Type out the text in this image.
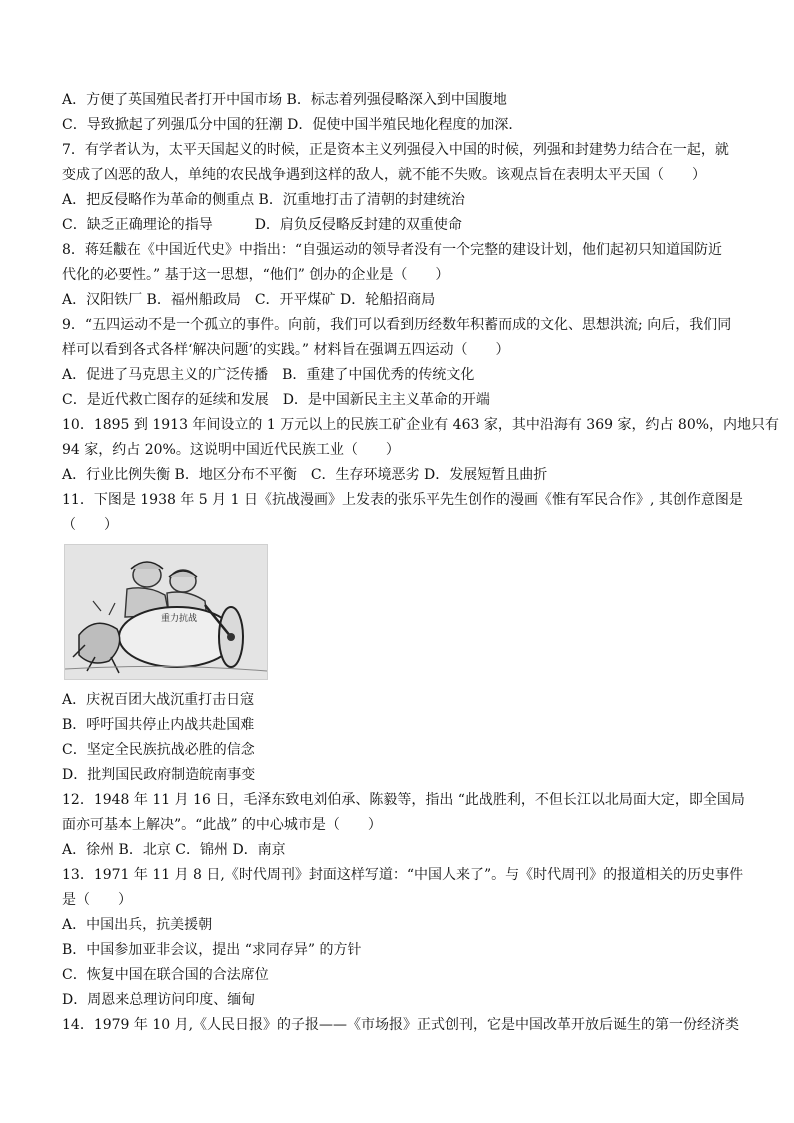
A．方便了英国殖民者打开中国市场 B．标志着列强侵略深入到中国腹地
C．导致掀起了列强瓜分中国的狂潮 D．促使中国半殖民地化程度的加深．
7．有学者认为，太平天国起义的时候，正是资本主义列强侵入中国的时候，列强和封建势力结合在一起，就
变成了凶恶的敌人，单纯的农民战争遇到这样的敌人，就不能不失败。该观点旨在表明太平天国（　　）
A．把反侵略作为革命的侧重点 B．沉重地打击了清朝的封建统治
C．缺乏正确理论的指导　　　D．肩负反侵略反封建的双重使命
8．蒋廷黻在《中国近代史》中指出：“自强运动的领导者没有一个完整的建设计划，他们起初只知道国防近
代化的必要性。” 基于这一思想，“他们” 创办的企业是（　　）
A．汉阳铁厂 B．福州船政局　C．开平煤矿 D．轮船招商局
9．“五四运动不是一个孤立的事件。向前，我们可以看到历经数年积蓄而成的文化、思想洪流; 向后，我们同
样可以看到各式各样‘解决问题’的实践。” 材料旨在强调五四运动（　　）
A．促进了马克思主义的广泛传播　B．重建了中国优秀的传统文化
C．是近代救亡图存的延续和发展　D．是中国新民主主义革命的开端
10．1895 到 1913 年间设立的 1 万元以上的民族工矿企业有 463 家，其中沿海有 369 家，约占 80%，内地只有
94 家，约占 20%。这说明中国近代民族工业（　　）
A．行业比例失衡 B．地区分布不平衡　C．生存环境恶劣 D．发展短暂且曲折
11．下图是 1938 年 5 月 1 日《抗战漫画》上发表的张乐平先生创作的漫画《惟有军民合作》, 其创作意图是
（　　）
重力抗战
A．庆祝百团大战沉重打击日寇
B．呼吁国共停止内战共赴国难
C．坚定全民族抗战必胜的信念
D．批判国民政府制造皖南事变
12．1948 年 11 月 16 日，毛泽东致电刘伯承、陈毅等，指出 “此战胜利，不但长江以北局面大定，即全国局
面亦可基本上解决”。“此战” 的中心城市是（　　）
A．徐州 B．北京 C．锦州 D．南京
13．1971 年 11 月 8 日,《时代周刊》封面这样写道：“中国人来了”。与《时代周刊》的报道相关的历史事件
是（　　）
A．中国出兵，抗美援朝
B．中国参加亚非会议，提出 “求同存异” 的方针
C．恢复中国在联合国的合法席位
D．周恩来总理访问印度、缅甸
14．1979 年 10 月,《人民日报》的子报——《市场报》正式创刊，它是中国改革开放后诞生的第一份经济类
